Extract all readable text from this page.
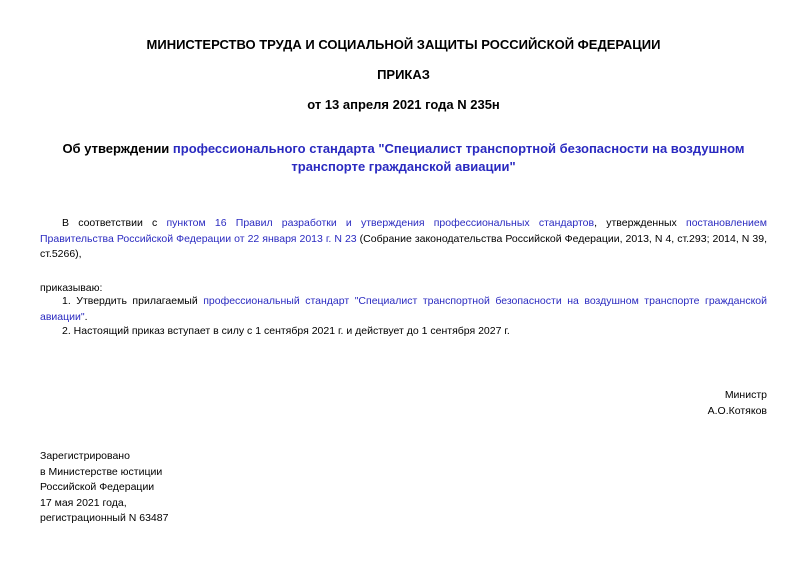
МИНИСТЕРСТВО ТРУДА И СОЦИАЛЬНОЙ ЗАЩИТЫ РОССИЙСКОЙ ФЕДЕРАЦИИ
ПРИКАЗ
от 13 апреля 2021 года N 235н
Об утверждении профессионального стандарта "Специалист транспортной безопасности на воздушном транспорте гражданской авиации"
В соответствии с пунктом 16 Правил разработки и утверждения профессиональных стандартов, утвержденных постановлением Правительства Российской Федерации от 22 января 2013 г. N 23 (Собрание законодательства Российской Федерации, 2013, N 4, ст.293; 2014, N 39, ст.5266),
приказываю:
1. Утвердить прилагаемый профессиональный стандарт "Специалист транспортной безопасности на воздушном транспорте гражданской авиации".
2. Настоящий приказ вступает в силу с 1 сентября 2021 г. и действует до 1 сентября 2027 г.
Министр
А.О.Котяков
Зарегистрировано
в Министерстве юстиции
Российской Федерации
17 мая 2021 года,
регистрационный N 63487
